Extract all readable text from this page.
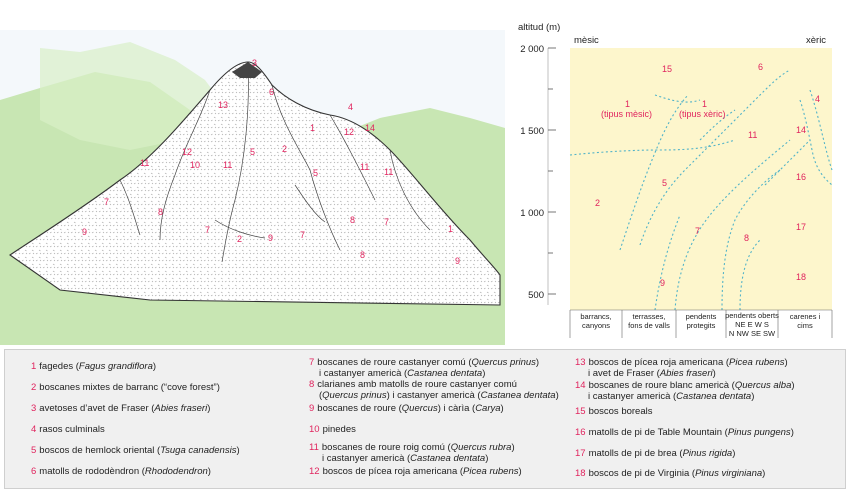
3
6
13	4
12
10	11
11
5	2
1	12 14
5
11 11
7
8
9	7
2	9	7
8	7
8
9
1
altitud (m)
2 000
1 500
1 000
500
mèsic	xèric
15	6
1
(tipus mèsic)
1
(tipus xèric)
4
11	14
16
5
2
17
7
8
18
9
barrancs,
canyons
terrasses,
fons de valls
pendents
protegits
pendents oberts
NE E W S
N NW SE SW
carenes i
cims
1 fagedes (Fagus grandiflora)
2 boscanes mixtes de barranc (“cove forest”)
3 avetoses d’avet de Fraser (Abies fraseri)
4 rasos culminals
5 boscos de hemlock oriental (Tsuga canadensis)
6 matolls de rododèndron (Rhododendron)
7 boscanes de roure castanyer comú (Quercus prinus)
i castanyer americà (Castanea dentata)
8 clarianes amb matolls de roure castanyer comú
(Quercus prinus) i castanyer americà (Castanea dentata)
9 boscanes de roure (Quercus) i càrìa (Carya)
10 pinedes
11 boscanes de roure roig comú (Quercus rubra)
i castanyer americà (Castanea dentata)
12 boscos de pícea roja americana (Picea rubens)
13 boscos de pícea roja americana (Picea rubens)
i avet de Fraser (Abies fraseri)
14 boscanes de roure blanc americà (Quercus alba)
i castanyer americà (Castanea dentata)
15 boscos boreals
16 matolls de pi de Table Mountain (Pinus pungens)
17 matolls de pi de brea (Pinus rigida)
18 boscos de pi de Virginia (Pinus virginiana)
